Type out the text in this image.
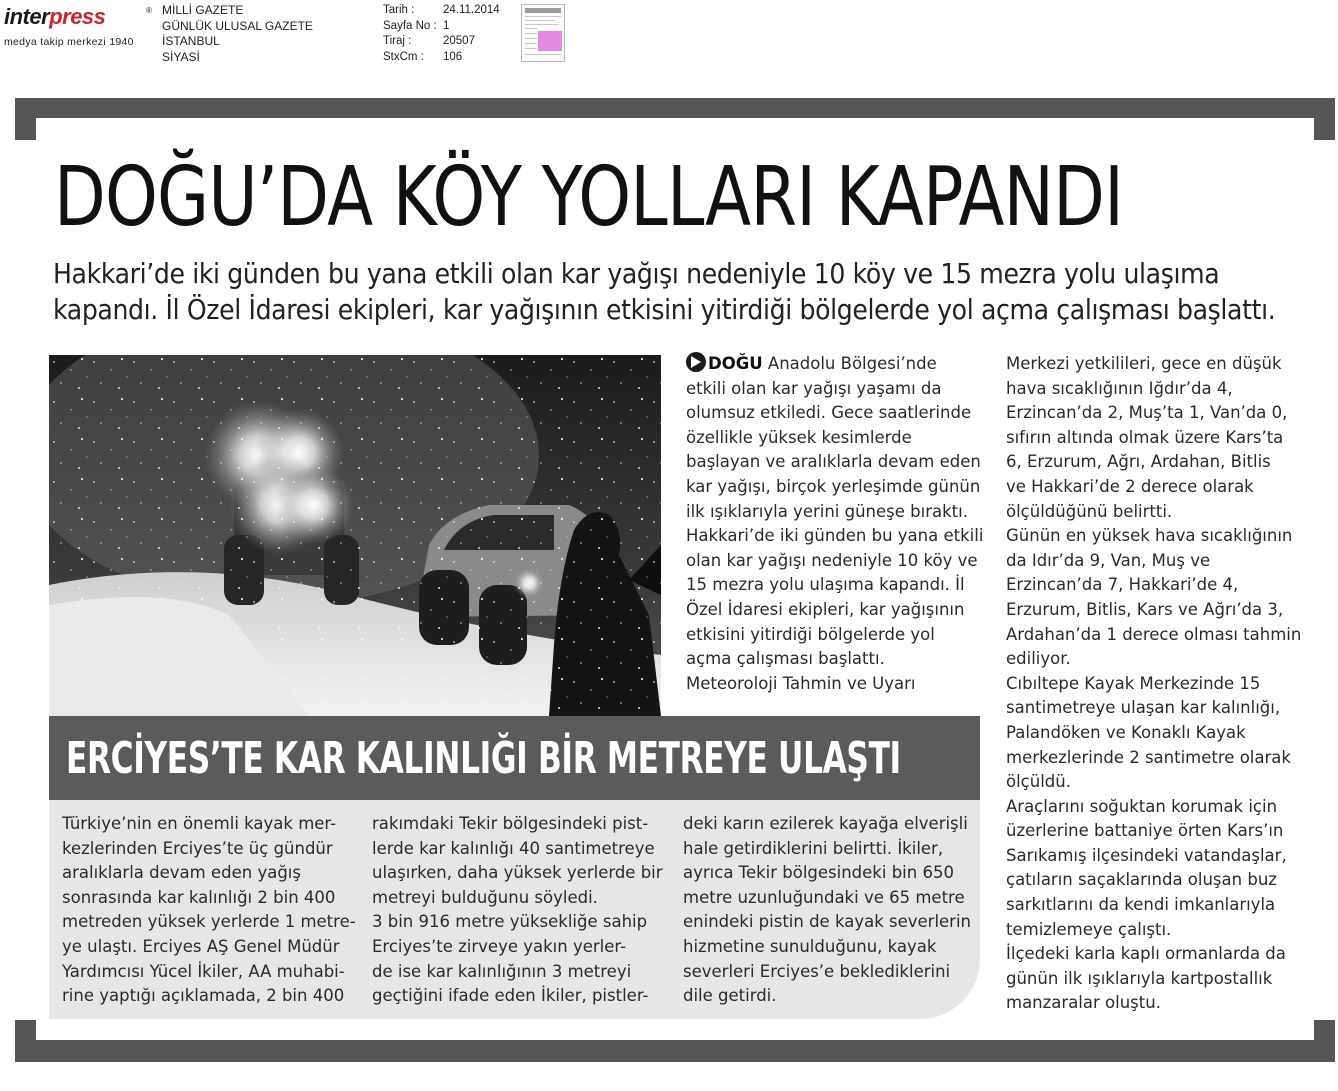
interpress	®
medya takip merkezi 1940
MİLLİ GAZETE
GÜNLÜK ULUSAL GAZETE
İSTANBUL
SİYASİ
Tarih :	24.11.2014
Sayfa No : 1
Tiraj :	20507
StxCm :	106
DOĞU’DA KÖY YOLLARI KAPANDI
Hakkari’de iki günden bu yana etkili olan kar yağışı nedeniyle 10 köy ve 15 mezra yolu ulaşıma
kapandı. İl Özel İdaresi ekipleri, kar yağışının etkisini yitirdiği bölgelerde yol açma çalışması başlattı.

DOĞU Anadolu Bölgesi’nde

etkili olan kar yağışı yaşamı da

olumsuz etkiledi. Gece saatlerinde

özellikle yüksek kesimlerde

başlayan ve aralıklarla devam eden

kar yağışı, birçok yerleşimde günün

ilk ışıklarıyla yerini güneşe bıraktı.

Hakkari’de iki günden bu yana etkili

olan kar yağışı nedeniyle 10 köy ve

15 mezra yolu ulaşıma kapandı. İl

Özel İdaresi ekipleri, kar yağışının

etkisini yitirdiği bölgelerde yol

açma çalışması başlattı.

Meteoroloji Tahmin ve Uyarı

Merkezi yetkilileri, gece en düşük

hava sıcaklığının Iğdır’da 4,

Erzincan’da 2, Muş’ta 1, Van’da 0,

sıfırın altında olmak üzere Kars’ta

6, Erzurum, Ağrı, Ardahan, Bitlis

ve Hakkari’de 2 derece olarak

ölçüldüğünü belirtti.

Günün en yüksek hava sıcaklığının

da Idır’da 9, Van, Muş ve

Erzincan’da 7, Hakkari’de 4,

Erzurum, Bitlis, Kars ve Ağrı’da 3,

Ardahan’da 1 derece olması tahmin

ediliyor.

Cıbıltepe Kayak Merkezinde 15

santimetreye ulaşan kar kalınlığı,

Palandöken ve Konaklı Kayak

merkezlerinde 2 santimetre olarak

ölçüldü.

Araçlarını soğuktan korumak için

üzerlerine battaniye örten Kars’ın

Sarıkamış ilçesindeki vatandaşlar,

çatıların saçaklarında oluşan buz

sarkıtlarını da kendi imkanlarıyla

temizlemeye çalıştı.

İlçedeki karla kaplı ormanlarda da

günün ilk ışıklarıyla kartpostallık

manzaralar oluştu.

ERCİYES’TE KAR KALINLIĞI BİR METREYE ULAŞTI

Türkiye’nin en önemli kayak mer-

kezlerinden Erciyes’te üç gündür

aralıklarla devam eden yağış

sonrasında kar kalınlığı 2 bin 400

metreden yüksek yerlerde 1 metre-

ye ulaştı. Erciyes AŞ Genel Müdür

Yardımcısı Yücel İkiler, AA muhabi-

rine yaptığı açıklamada, 2 bin 400

rakımdaki Tekir bölgesindeki pist-

lerde kar kalınlığı 40 santimetreye

ulaşırken, daha yüksek yerlerde bir

metreyi bulduğunu söyledi.

3 bin 916 metre yüksekliğe sahip

Erciyes’te zirveye yakın yerler-

de ise kar kalınlığının 3 metreyi

geçtiğini ifade eden İkiler, pistler-

deki karın ezilerek kayağa elverişli

hale getirdiklerini belirtti. İkiler,

ayrıca Tekir bölgesindeki bin 650

metre uzunluğundaki ve 65 metre

enindeki pistin de kayak severlerin

hizmetine sunulduğunu, kayak

severleri Erciyes’e beklediklerini

dile getirdi.
